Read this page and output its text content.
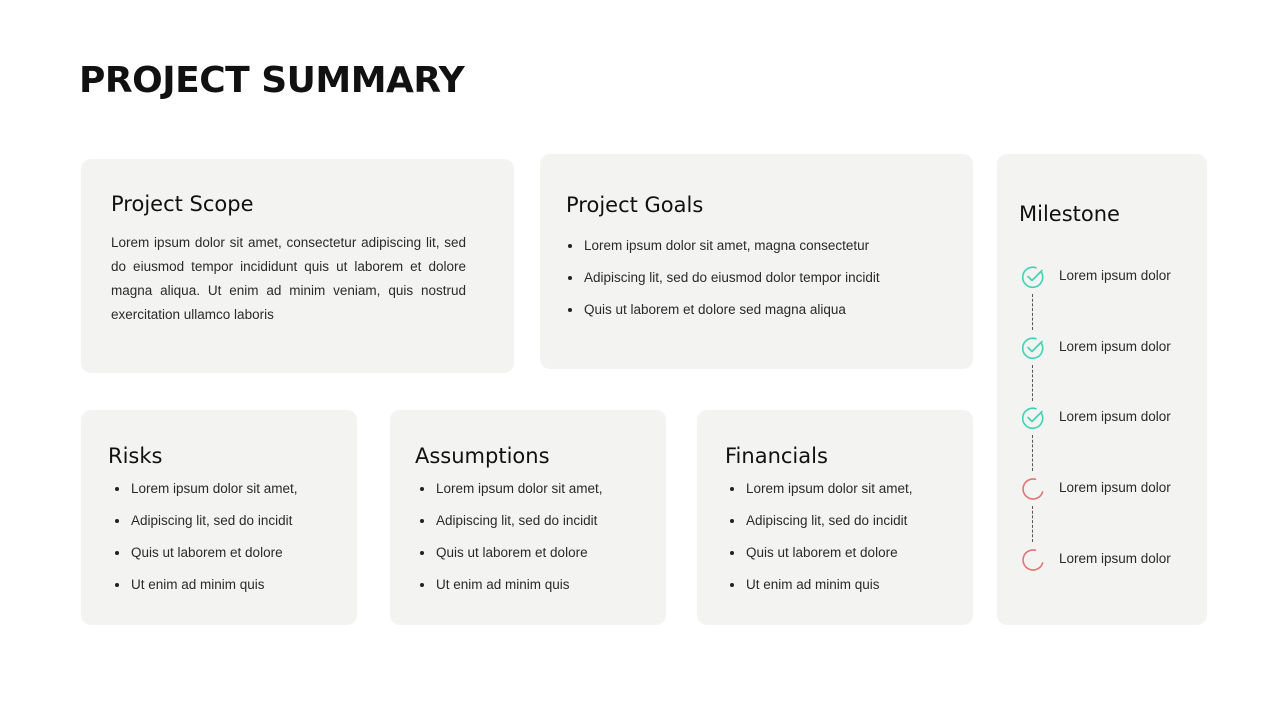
PROJECT SUMMARY
Project Scope

Lorem ipsum dolor sit amet, consectetur adipiscing lit, sed do eiusmod tempor incididunt quis ut laborem et dolore magna aliqua. Ut enim ad minim veniam, quis nostrud exercitation ullamco laboris

Project Goals
Lorem ipsum dolor sit amet, magna consectetur
Adipiscing lit, sed do eiusmod dolor tempor incidit
Quis ut laborem et dolore sed magna aliqua
Risks
Lorem ipsum dolor sit amet,
Adipiscing lit, sed do incidit
Quis ut laborem et dolore
Ut enim ad minim quis
Assumptions
Lorem ipsum dolor sit amet,
Adipiscing lit, sed do incidit
Quis ut laborem et dolore
Ut enim ad minim quis
Financials
Lorem ipsum dolor sit amet,
Adipiscing lit, sed do incidit
Quis ut laborem et dolore
Ut enim ad minim quis
Milestone
Lorem ipsum dolor
Lorem ipsum dolor
Lorem ipsum dolor
Lorem ipsum dolor
Lorem ipsum dolor
